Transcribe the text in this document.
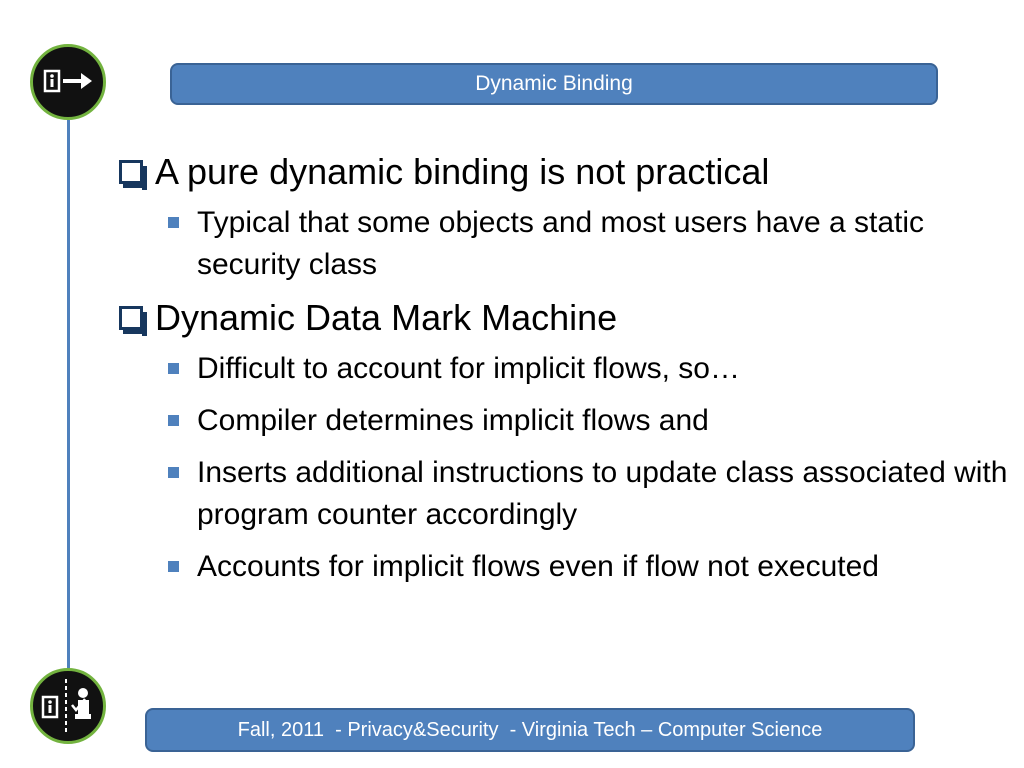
Dynamic Binding
A pure dynamic binding is not practical
Typical that some objects and most users have a static security class
Dynamic Data Mark Machine
Difficult to account for implicit flows, so…
Compiler determines implicit flows and
Inserts additional instructions to update class associated with program counter accordingly
Accounts for implicit flows even if flow not executed
Fall, 2011  - Privacy&Security  - Virginia Tech – Computer Science
